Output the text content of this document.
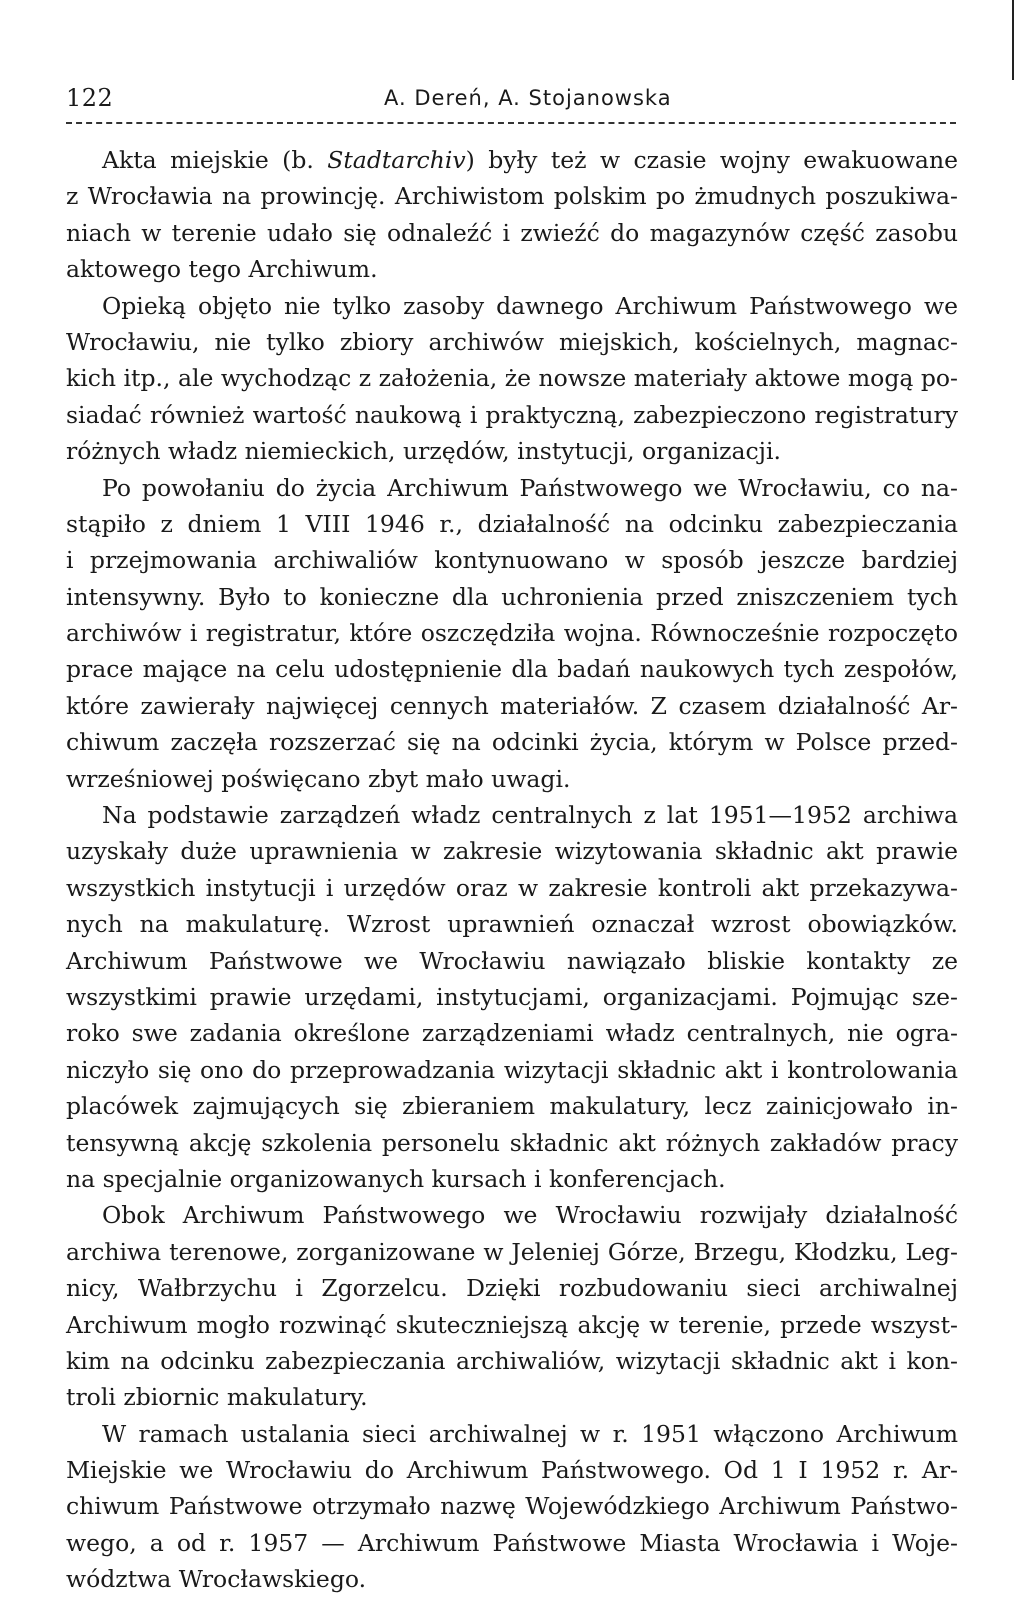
122	A. Dereń, A. Stojanowska
Akta miejskie (b. Stadtarchiv) były też w czasie wojny ewakuowane
z Wrocławia na prowincję. Archiwistom polskim po żmudnych poszukiwa-
niach w terenie udało się odnaleźć i zwieźć do magazynów część zasobu
aktowego tego Archiwum.
Opieką objęto nie tylko zasoby dawnego Archiwum Państwowego we
Wrocławiu, nie tylko zbiory archiwów miejskich, kościelnych, magnac-
kich itp., ale wychodząc z założenia, że nowsze materiały aktowe mogą po-
siadać również wartość naukową i praktyczną, zabezpieczono registratury
różnych władz niemieckich, urzędów, instytucji, organizacji.
Po powołaniu do życia Archiwum Państwowego we Wrocławiu, co na-
stąpiło z dniem 1 VIII 1946 r., działalność na odcinku zabezpieczania
i przejmowania archiwaliów kontynuowano w sposób jeszcze bardziej
intensywny. Było to konieczne dla uchronienia przed zniszczeniem tych
archiwów i registratur, które oszczędziła wojna. Równocześnie rozpoczęto
prace mające na celu udostępnienie dla badań naukowych tych zespołów,
które zawierały najwięcej cennych materiałów. Z czasem działalność Ar-
chiwum zaczęła rozszerzać się na odcinki życia, którym w Polsce przed-
wrześniowej poświęcano zbyt mało uwagi.
Na podstawie zarządzeń władz centralnych z lat 1951—1952 archiwa
uzyskały duże uprawnienia w zakresie wizytowania składnic akt prawie
wszystkich instytucji i urzędów oraz w zakresie kontroli akt przekazywa-
nych na makulaturę. Wzrost uprawnień oznaczał wzrost obowiązków.
Archiwum Państwowe we Wrocławiu nawiązało bliskie kontakty ze
wszystkimi prawie urzędami, instytucjami, organizacjami. Pojmując sze-
roko swe zadania określone zarządzeniami władz centralnych, nie ogra-
niczyło się ono do przeprowadzania wizytacji składnic akt i kontrolowania
placówek zajmujących się zbieraniem makulatury, lecz zainicjowało in-
tensywną akcję szkolenia personelu składnic akt różnych zakładów pracy
na specjalnie organizowanych kursach i konferencjach.
Obok Archiwum Państwowego we Wrocławiu rozwijały działalność
archiwa terenowe, zorganizowane w Jeleniej Górze, Brzegu, Kłodzku, Leg-
nicy, Wałbrzychu i Zgorzelcu. Dzięki rozbudowaniu sieci archiwalnej
Archiwum mogło rozwinąć skuteczniejszą akcję w terenie, przede wszyst-
kim na odcinku zabezpieczania archiwaliów, wizytacji składnic akt i kon-
troli zbiornic makulatury.
W ramach ustalania sieci archiwalnej w r. 1951 włączono Archiwum
Miejskie we Wrocławiu do Archiwum Państwowego. Od 1 I 1952 r. Ar-
chiwum Państwowe otrzymało nazwę Wojewódzkiego Archiwum Państwo-
wego, a od r. 1957 — Archiwum Państwowe Miasta Wrocławia i Woje-
wództwa Wrocławskiego.
